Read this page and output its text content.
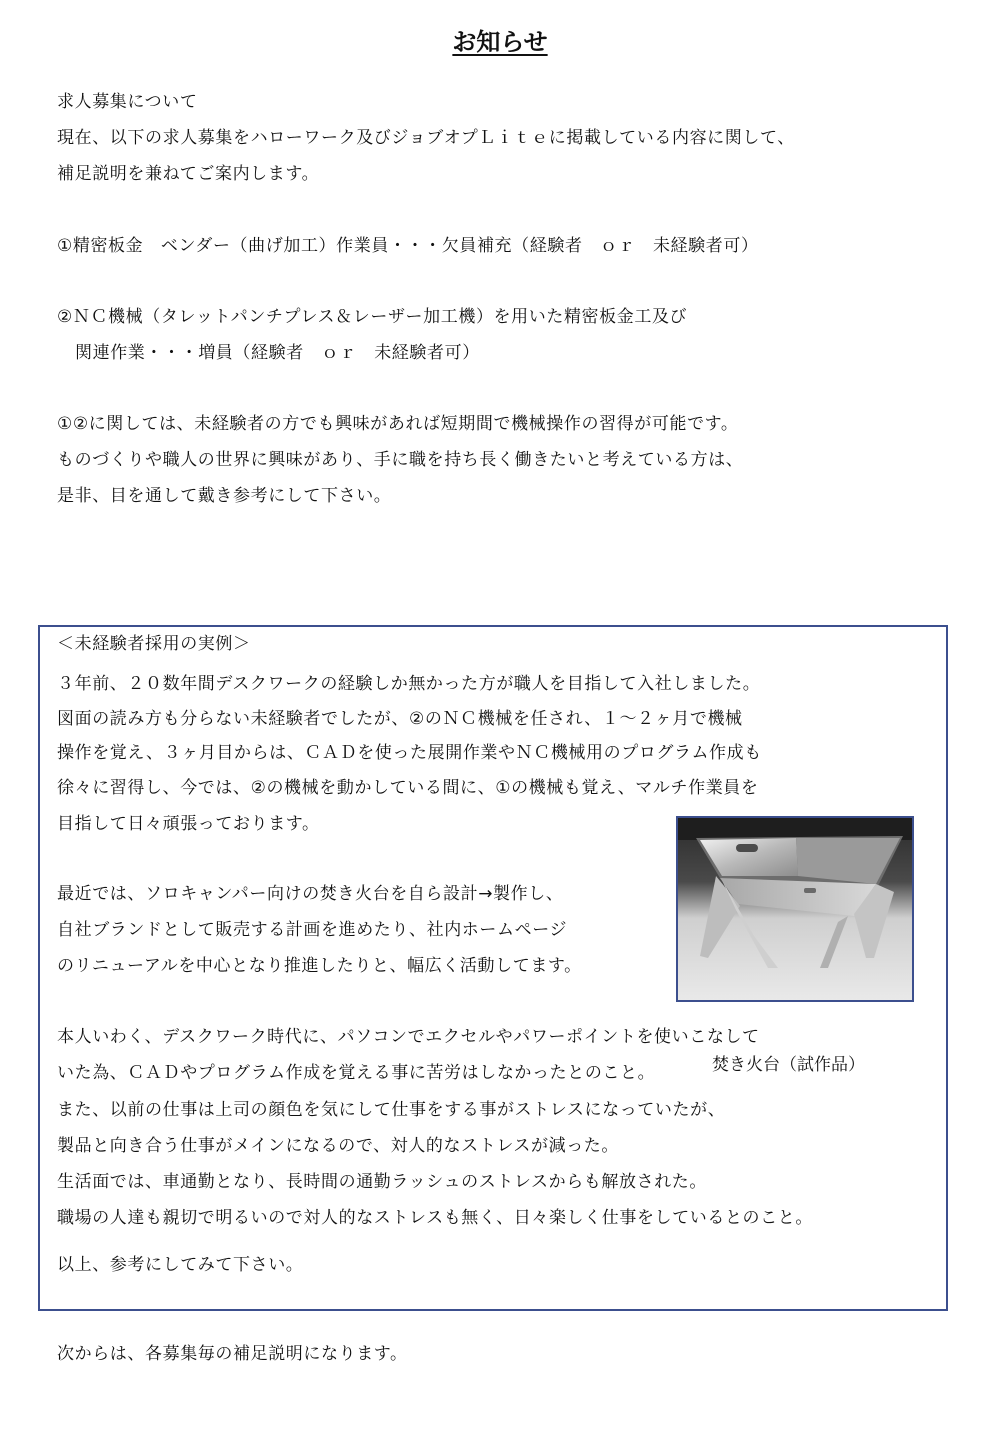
お知らせ
求人募集について
現在、以下の求人募集をハローワーク及びジョブオプＬｉｔｅに掲載している内容に関して、
補足説明を兼ねてご案内します。
①精密板金　ベンダー（曲げ加工）作業員・・・欠員補充（経験者　ｏｒ　未経験者可）
②ＮＣ機械（タレットパンチプレス＆レーザー加工機）を用いた精密板金工及び
関連作業・・・増員（経験者　ｏｒ　未経験者可）
①②に関しては、未経験者の方でも興味があれば短期間で機械操作の習得が可能です。
ものづくりや職人の世界に興味があり、手に職を持ち長く働きたいと考えている方は、
是非、目を通して戴き参考にして下さい。
＜未経験者採用の実例＞
３年前、２０数年間デスクワークの経験しか無かった方が職人を目指して入社しました。
図面の読み方も分らない未経験者でしたが、②のＮＣ機械を任され、１～２ヶ月で機械
操作を覚え、３ヶ月目からは、ＣＡＤを使った展開作業やＮＣ機械用のプログラム作成も
徐々に習得し、今では、②の機械を動かしている間に、①の機械も覚え、マルチ作業員を
目指して日々頑張っております。
最近では、ソロキャンパー向けの焚き火台を自ら設計→製作し、
自社ブランドとして販売する計画を進めたり、社内ホームページ
のリニューアルを中心となり推進したりと、幅広く活動してます。
本人いわく、デスクワーク時代に、パソコンでエクセルやパワーポイントを使いこなして
いた為、ＣＡＤやプログラム作成を覚える事に苦労はしなかったとのこと。	焚き火台（試作品）
また、以前の仕事は上司の顔色を気にして仕事をする事がストレスになっていたが、
製品と向き合う仕事がメインになるので、対人的なストレスが減った。
生活面では、車通勤となり、長時間の通勤ラッシュのストレスからも解放された。
職場の人達も親切で明るいので対人的なストレスも無く、日々楽しく仕事をしているとのこと。
以上、参考にしてみて下さい。
次からは、各募集毎の補足説明になります。
